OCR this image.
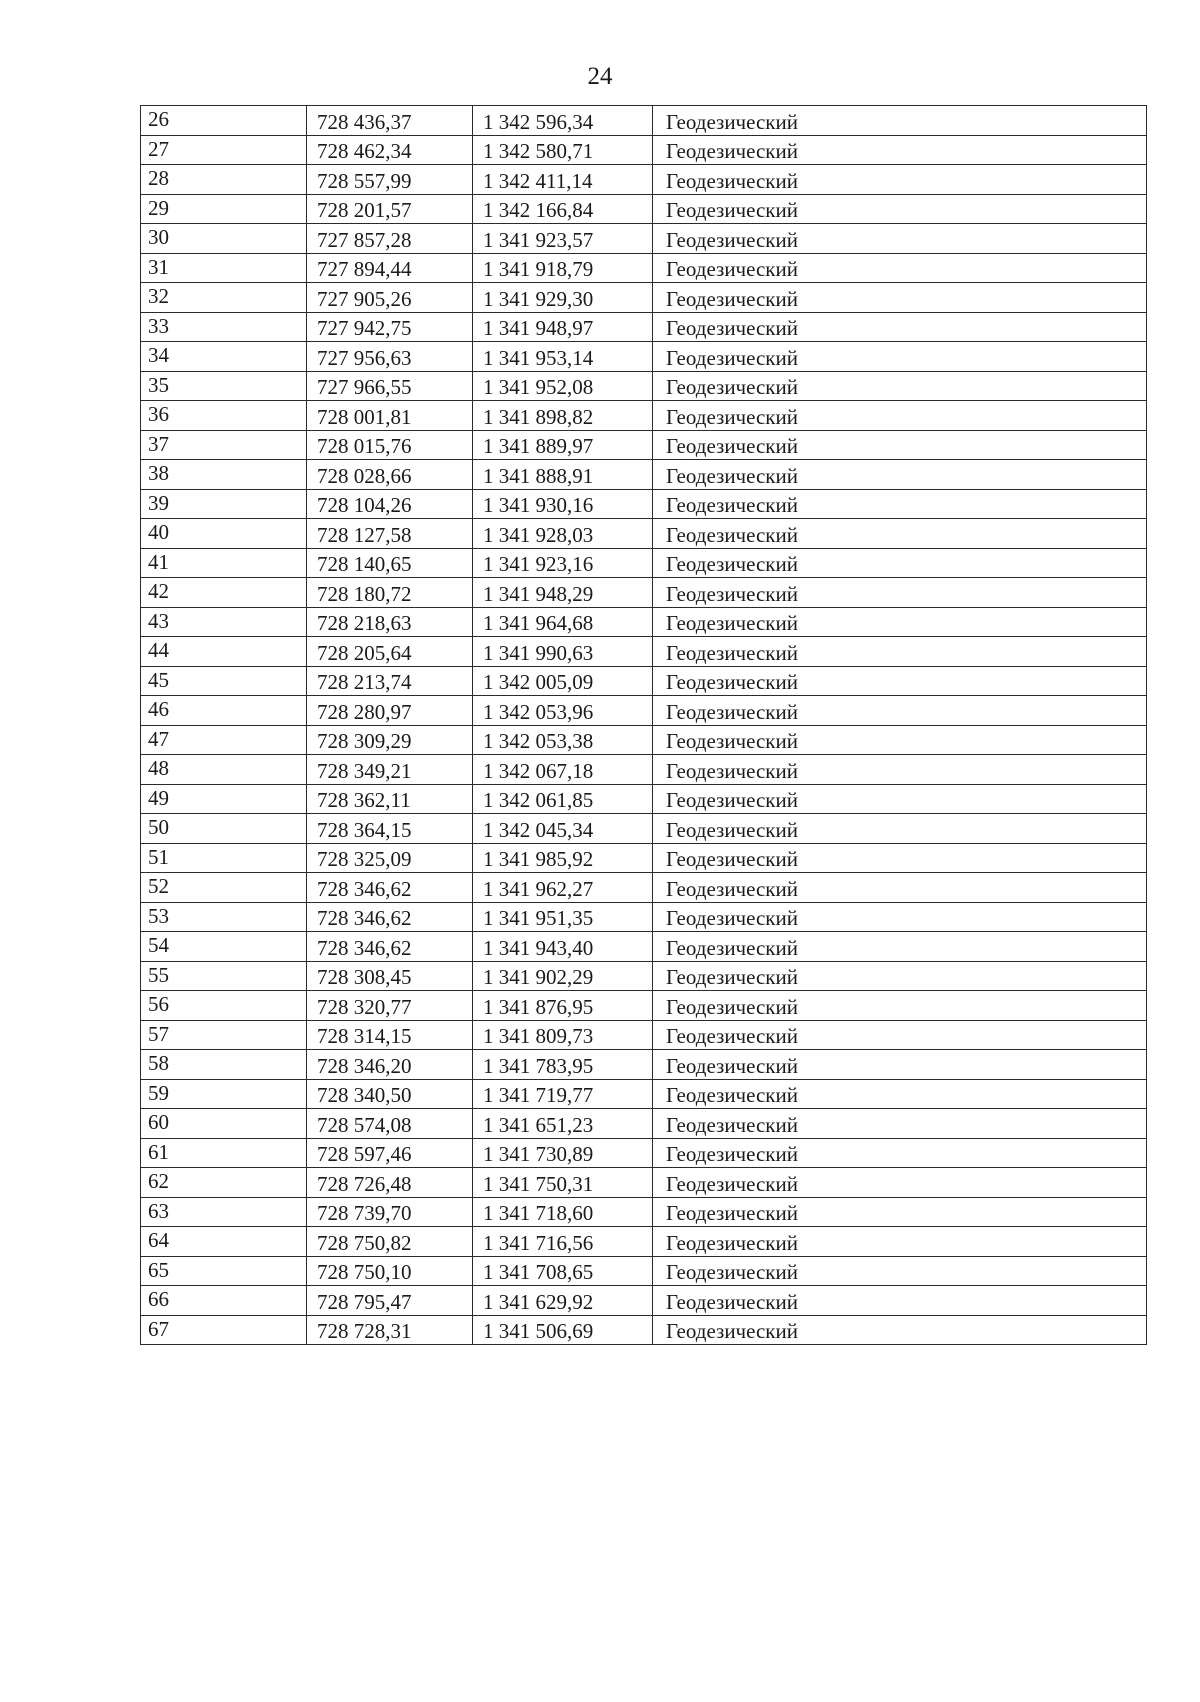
24
26	728 436,37	1 342 596,34	Геодезический
27	728 462,34	1 342 580,71	Геодезический
28	728 557,99	1 342 411,14	Геодезический
29	728 201,57	1 342 166,84	Геодезический
30	727 857,28	1 341 923,57	Геодезический
31	727 894,44	1 341 918,79	Геодезический
32	727 905,26	1 341 929,30	Геодезический
33	727 942,75	1 341 948,97	Геодезический
34	727 956,63	1 341 953,14	Геодезический
35	727 966,55	1 341 952,08	Геодезический
36	728 001,81	1 341 898,82	Геодезический
37	728 015,76	1 341 889,97	Геодезический
38	728 028,66	1 341 888,91	Геодезический
39	728 104,26	1 341 930,16	Геодезический
40	728 127,58	1 341 928,03	Геодезический
41	728 140,65	1 341 923,16	Геодезический
42	728 180,72	1 341 948,29	Геодезический
43	728 218,63	1 341 964,68	Геодезический
44	728 205,64	1 341 990,63	Геодезический
45	728 213,74	1 342 005,09	Геодезический
46	728 280,97	1 342 053,96	Геодезический
47	728 309,29	1 342 053,38	Геодезический
48	728 349,21	1 342 067,18	Геодезический
49	728 362,11	1 342 061,85	Геодезический
50	728 364,15	1 342 045,34	Геодезический
51	728 325,09	1 341 985,92	Геодезический
52	728 346,62	1 341 962,27	Геодезический
53	728 346,62	1 341 951,35	Геодезический
54	728 346,62	1 341 943,40	Геодезический
55	728 308,45	1 341 902,29	Геодезический
56	728 320,77	1 341 876,95	Геодезический
57	728 314,15	1 341 809,73	Геодезический
58	728 346,20	1 341 783,95	Геодезический
59	728 340,50	1 341 719,77	Геодезический
60	728 574,08	1 341 651,23	Геодезический
61	728 597,46	1 341 730,89	Геодезический
62	728 726,48	1 341 750,31	Геодезический
63	728 739,70	1 341 718,60	Геодезический
64	728 750,82	1 341 716,56	Геодезический
65	728 750,10	1 341 708,65	Геодезический
66	728 795,47	1 341 629,92	Геодезический
67	728 728,31	1 341 506,69	Геодезический
